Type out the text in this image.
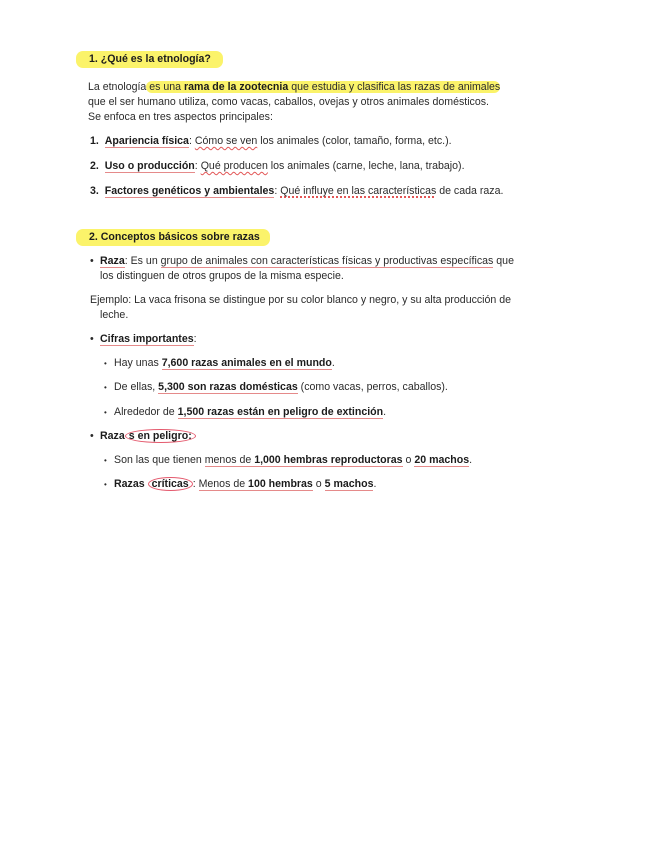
1. ¿Qué es la etnología?
La etnología es una rama de la zootecnia que estudia y clasifica las razas de animales
que el ser humano utiliza, como vacas, caballos, ovejas y otros animales domésticos.
Se enfoca en tres aspectos principales:
1. Apariencia física: Cómo se ven los animales (color, tamaño, forma, etc.).
2. Uso o producción: Qué producen los animales (carne, leche, lana, trabajo).
3. Factores genéticos y ambientales: Qué influye en las características de cada raza.
2. Conceptos básicos sobre razas
• Raza: Es un grupo de animales con características físicas y productivas específicas que
los distinguen de otros grupos de la misma especie.
Ejemplo: La vaca frisona se distingue por su color blanco y negro, y su alta producción de
leche.
• Cifras importantes:
• Hay unas 7,600 razas animales en el mundo.
• De ellas, 5,300 son razas domésticas (como vacas, perros, caballos).
• Alrededor de 1,500 razas están en peligro de extinción.
• Raza s en peligro:
• Son las que tienen menos de 1,000 hembras reproductoras o 20 machos.
• Razas críticas : Menos de 100 hembras o 5 machos.
